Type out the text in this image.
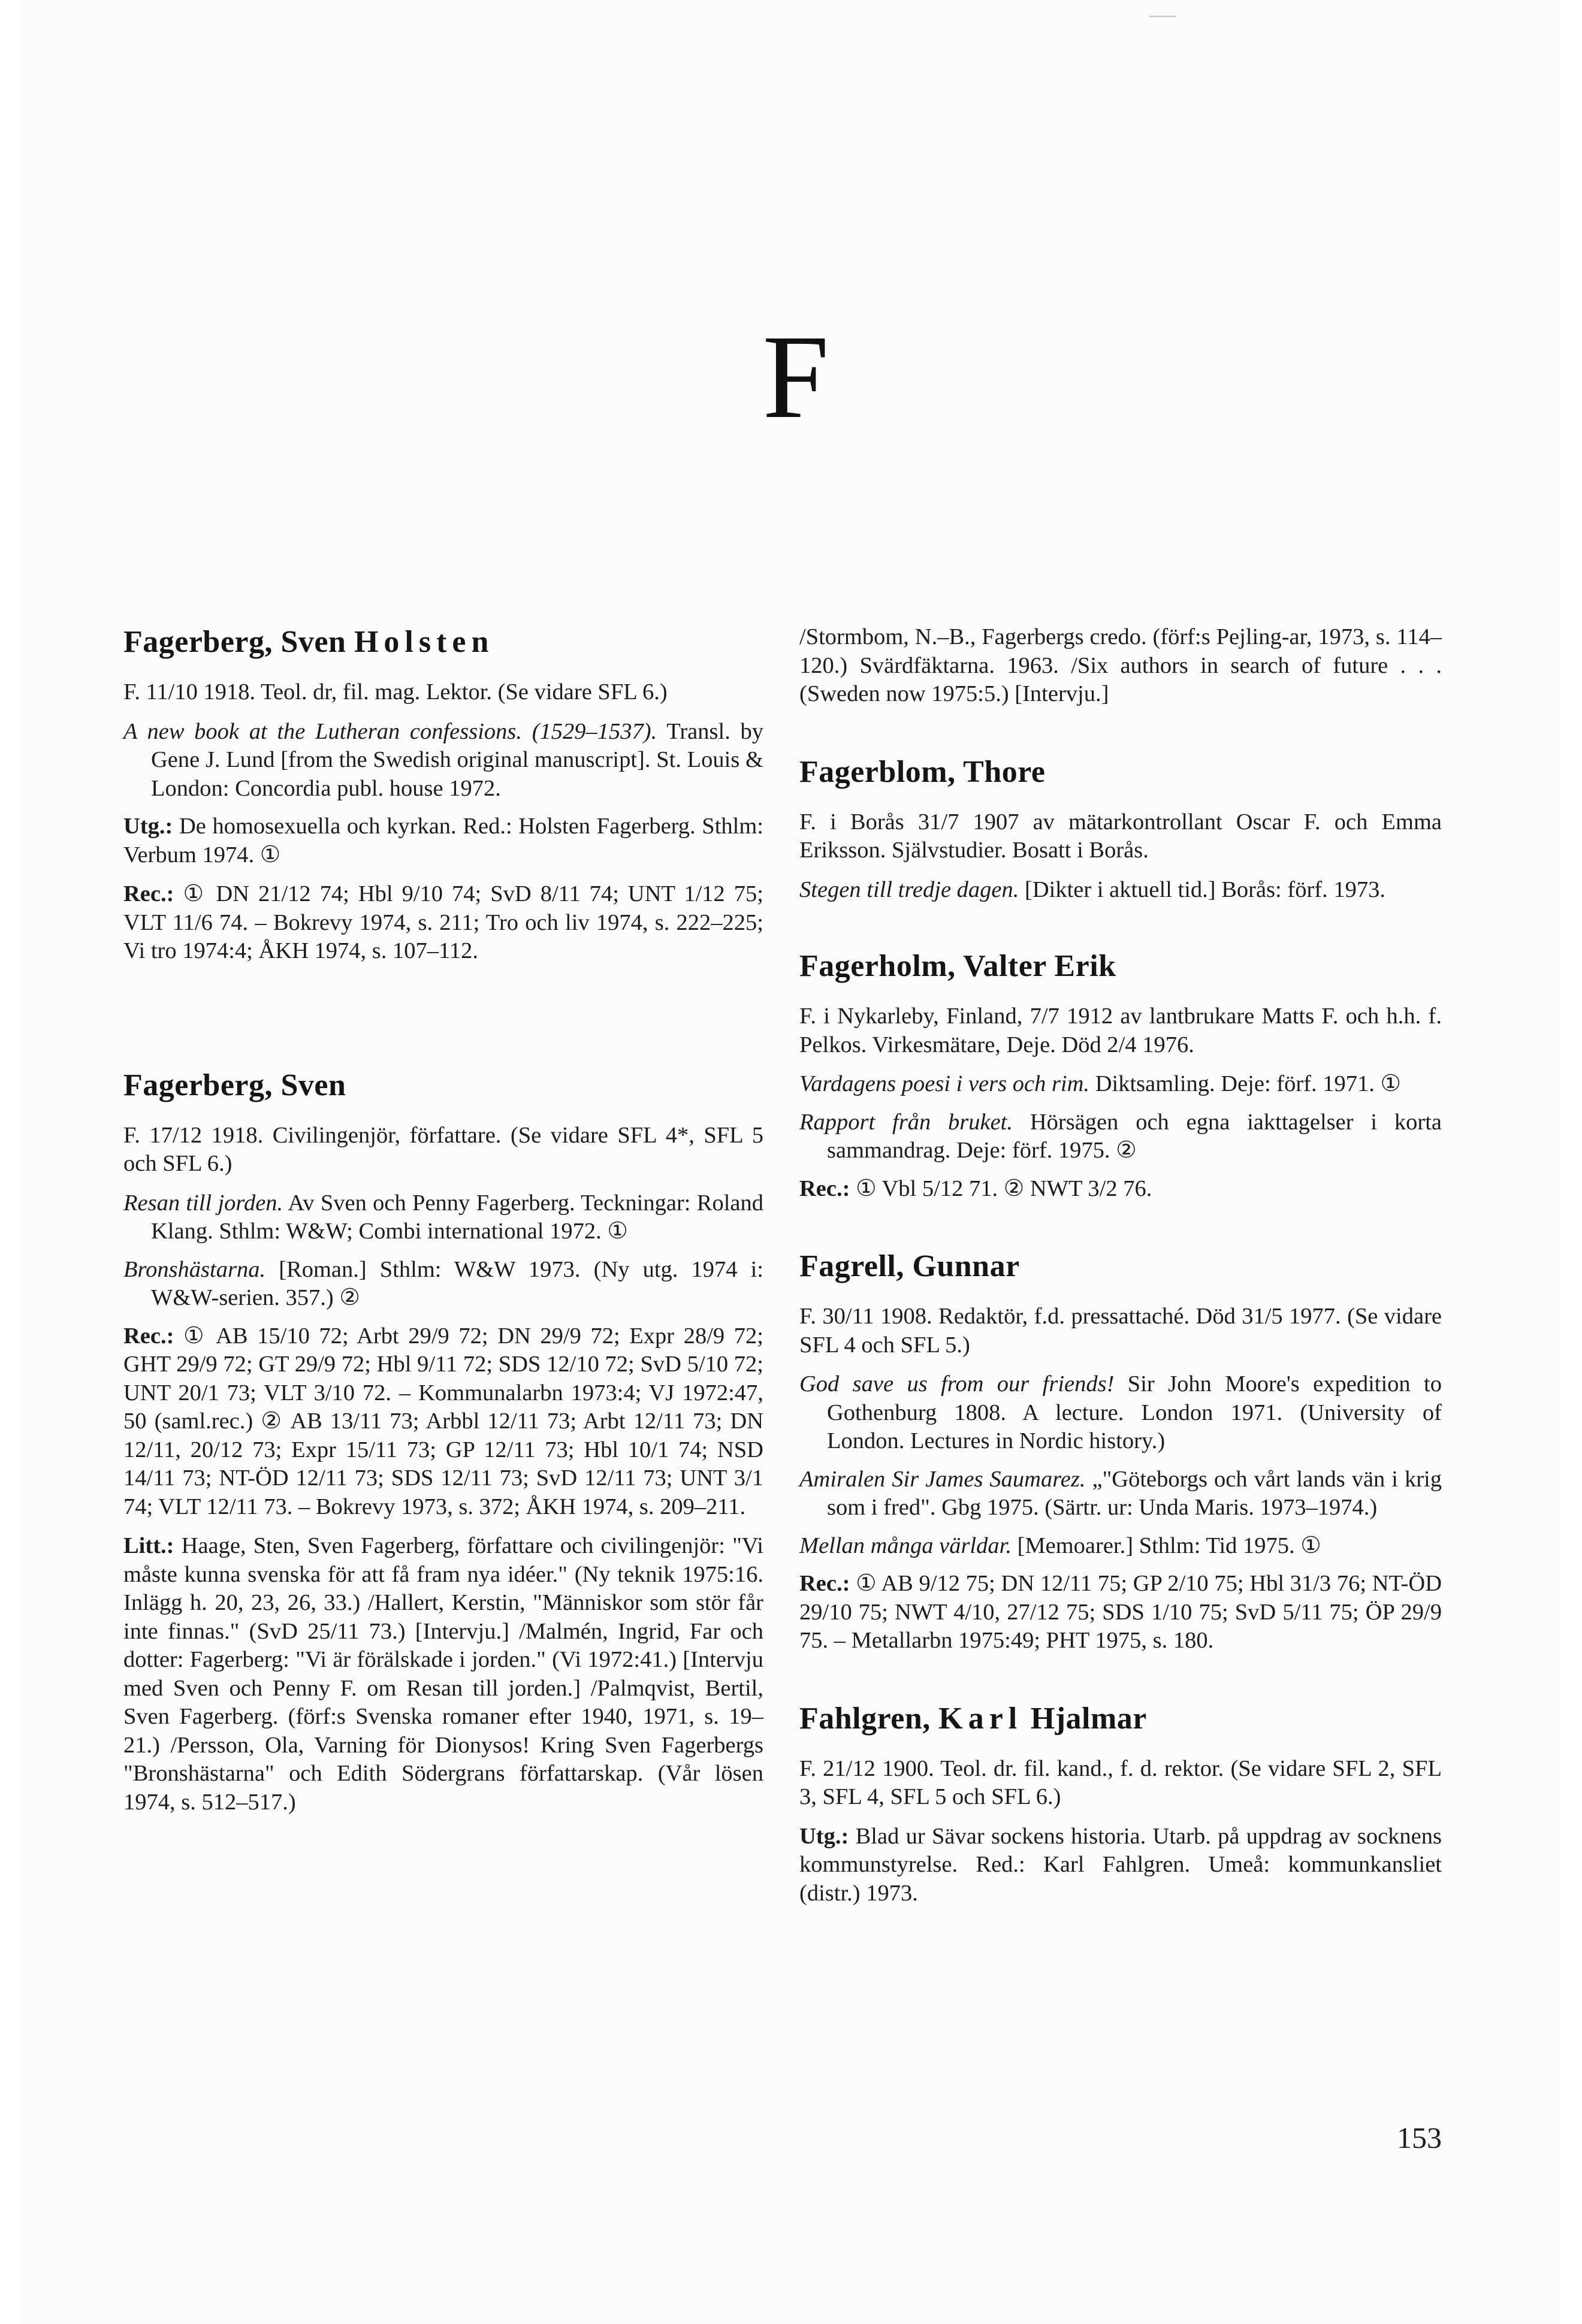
F
Fagerberg, Sven Holsten

F. 11/10 1918. Teol. dr, fil. mag. Lektor. (Se vidare SFL 6.)

A new book at the Lutheran confessions. (1529–1537). Transl. by Gene J. Lund [from the Swedish original manuscript]. St. Louis & London: Concordia publ. house 1972.

Utg.: De homosexuella och kyrkan. Red.: Holsten Fagerberg. Sthlm: Verbum 1974. ①

Rec.: ① DN 21/12 74; Hbl 9/10 74; SvD 8/11 74; UNT 1/12 75; VLT 11/6 74. – Bokrevy 1974, s. 211; Tro och liv 1974, s. 222–225; Vi tro 1974:4; ÅKH 1974, s. 107–112.

Fagerberg, Sven

F. 17/12 1918. Civilingenjör, författare. (Se vidare SFL 4*, SFL 5 och SFL 6.)

Resan till jorden. Av Sven och Penny Fagerberg. Teckningar: Roland Klang. Sthlm: W&W; Combi international 1972. ①

Bronshästarna. [Roman.] Sthlm: W&W 1973. (Ny utg. 1974 i: W&W-serien. 357.) ②

Rec.: ① AB 15/10 72; Arbt 29/9 72; DN 29/9 72; Expr 28/9 72; GHT 29/9 72; GT 29/9 72; Hbl 9/11 72; SDS 12/10 72; SvD 5/10 72; UNT 20/1 73; VLT 3/10 72. – Kommunalarbn 1973:4; VJ 1972:47, 50 (saml.rec.) ② AB 13/11 73; Arbbl 12/11 73; Arbt 12/11 73; DN 12/11, 20/12 73; Expr 15/11 73; GP 12/11 73; Hbl 10/1 74; NSD 14/11 73; NT-ÖD 12/11 73; SDS 12/11 73; SvD 12/11 73; UNT 3/1 74; VLT 12/11 73. – Bokrevy 1973, s. 372; ÅKH 1974, s. 209–211.

Litt.: Haage, Sten, Sven Fagerberg, författare och civilingenjör: "Vi måste kunna svenska för att få fram nya idéer." (Ny teknik 1975:16. Inlägg h. 20, 23, 26, 33.) /Hallert, Kerstin, "Människor som stör får inte finnas." (SvD 25/11 73.) [Intervju.] /Malmén, Ingrid, Far och dotter: Fagerberg: "Vi är förälskade i jorden." (Vi 1972:41.) [Intervju med Sven och Penny F. om Resan till jorden.] /Palmqvist, Bertil, Sven Fagerberg. (förf:s Svenska romaner efter 1940, 1971, s. 19–21.) /Persson, Ola, Varning för Dionysos! Kring Sven Fagerbergs "Bronshästarna" och Edith Södergrans författarskap. (Vår lösen 1974, s. 512–517.)

/Stormbom, N.–B., Fagerbergs credo. (förf:s Pejling-ar, 1973, s. 114–120.) Svärdfäktarna. 1963. /Six authors in search of future . . . (Sweden now 1975:5.) [Intervju.]

Fagerblom, Thore

F. i Borås 31/7 1907 av mätarkontrollant Oscar F. och Emma Eriksson. Självstudier. Bosatt i Borås.

Stegen till tredje dagen. [Dikter i aktuell tid.] Borås: förf. 1973.

Fagerholm, Valter Erik

F. i Nykarleby, Finland, 7/7 1912 av lantbrukare Matts F. och h.h. f. Pelkos. Virkesmätare, Deje. Död 2/4 1976.

Vardagens poesi i vers och rim. Diktsamling. Deje: förf. 1971. ①

Rapport från bruket. Hörsägen och egna iakttagelser i korta sammandrag. Deje: förf. 1975. ②

Rec.: ① Vbl 5/12 71. ② NWT 3/2 76.

Fagrell, Gunnar

F. 30/11 1908. Redaktör, f.d. pressattaché. Död 31/5 1977. (Se vidare SFL 4 och SFL 5.)

God save us from our friends! Sir John Moore's expedition to Gothenburg 1808. A lecture. London 1971. (University of London. Lectures in Nordic history.)

Amiralen Sir James Saumarez. „"Göteborgs och vårt lands vän i krig som i fred". Gbg 1975. (Särtr. ur: Unda Maris. 1973–1974.)

Mellan många världar. [Memoarer.] Sthlm: Tid 1975. ①

Rec.: ① AB 9/12 75; DN 12/11 75; GP 2/10 75; Hbl 31/3 76; NT-ÖD 29/10 75; NWT 4/10, 27/12 75; SDS 1/10 75; SvD 5/11 75; ÖP 29/9 75. – Metallarbn 1975:49; PHT 1975, s. 180.

Fahlgren, Karl Hjalmar

F. 21/12 1900. Teol. dr. fil. kand., f. d. rektor. (Se vidare SFL 2, SFL 3, SFL 4, SFL 5 och SFL 6.)

Utg.: Blad ur Sävar sockens historia. Utarb. på uppdrag av socknens kommunstyrelse. Red.: Karl Fahlgren. Umeå: kommunkansliet (distr.) 1973.

153
